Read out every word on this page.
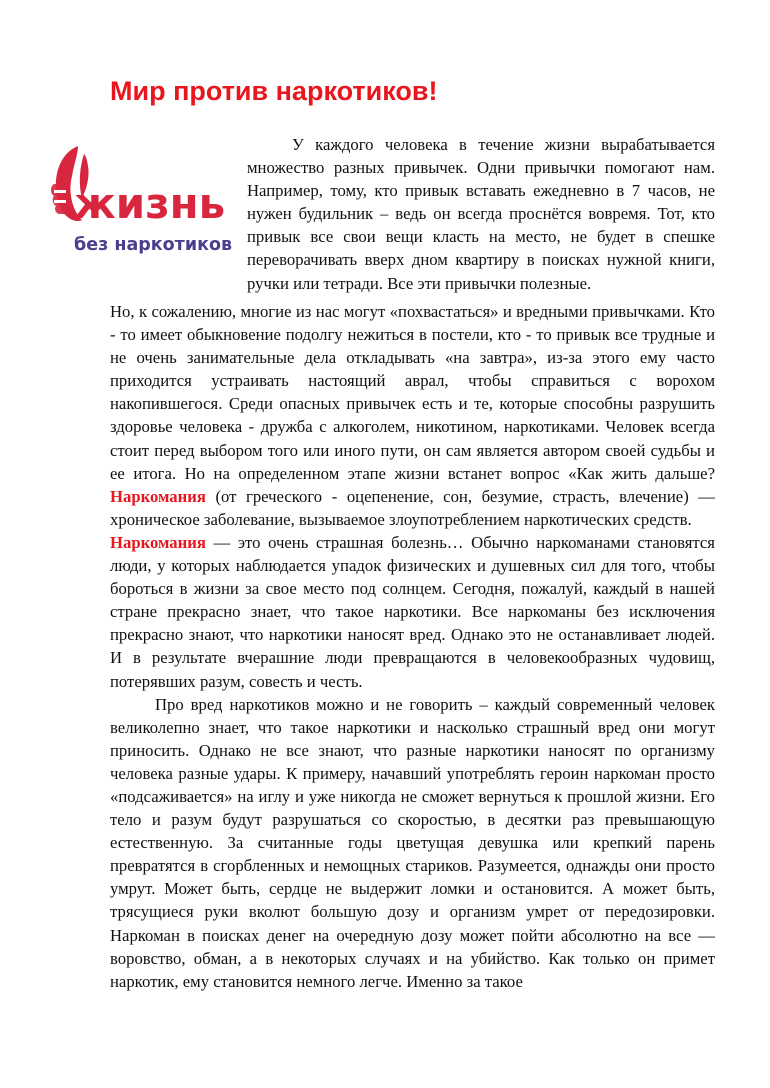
Мир против наркотиков!
жизнь
без наркотиков

У каждого человека в течение жизни вырабатывается множество разных привычек. Одни привычки помогают нам. Например, тому, кто привык вставать ежедневно в 7 часов, не нужен будильник – ведь он всегда проснётся вовремя. Тот, кто привык все свои вещи класть на место, не будет в спешке переворачивать вверх дном квартиру в поисках нужной книги, ручки или тетради. Все эти привычки полезные.

Но, к сожалению, многие из нас могут «похвастаться» и вредными привычками. Кто - то имеет обыкновение подолгу нежиться в постели, кто - то привык все трудные и не очень занимательные дела откладывать «на завтра», из-за этого ему часто приходится устраивать настоящий аврал, чтобы справиться с ворохом накопившегося. Среди опасных привычек есть и те, которые способны разрушить здоровье человека - дружба с алкоголем, никотином, наркотиками. Человек всегда стоит перед выбором того или иного пути, он сам является автором своей судьбы и ее итога. Но на определенном этапе жизни встанет вопрос «Как жить дальше? Наркомания (от греческого - оцепенение, сон, безумие, страсть, влечение) — хроническое заболевание, вызываемое злоупотреблением наркотических средств.

Наркомания — это очень страшная болезнь… Обычно наркоманами становятся люди, у которых наблюдается упадок физических и душевных сил для того, чтобы бороться в жизни за свое место под солнцем. Сегодня, пожалуй, каждый в нашей стране прекрасно знает, что такое наркотики. Все наркоманы без исключения прекрасно знают, что наркотики наносят вред. Однако это не останавливает людей. И в результате вчерашние люди превращаются в человекообразных чудовищ, потерявших разум, совесть и честь.

Про вред наркотиков можно и не говорить – каждый современный человек великолепно знает, что такое наркотики и насколько страшный вред они могут приносить. Однако не все знают, что разные наркотики наносят по организму человека разные удары. К примеру, начавший употреблять героин наркоман просто «подсаживается» на иглу и уже никогда не сможет вернуться к прошлой жизни. Его тело и разум будут разрушаться со скоростью, в десятки раз превышающую естественную. За считанные годы цветущая девушка или крепкий парень превратятся в сгорбленных и немощных стариков. Разумеется, однажды они просто умрут. Может быть, сердце не выдержит ломки и остановится. А может быть, трясущиеся руки вколют большую дозу и организм умрет от передозировки. Наркоман в поисках денег на очередную дозу может пойти абсолютно на все — воровство, обман, а в некоторых случаях и на убийство. Как только он примет наркотик, ему становится немного легче. Именно за такое
